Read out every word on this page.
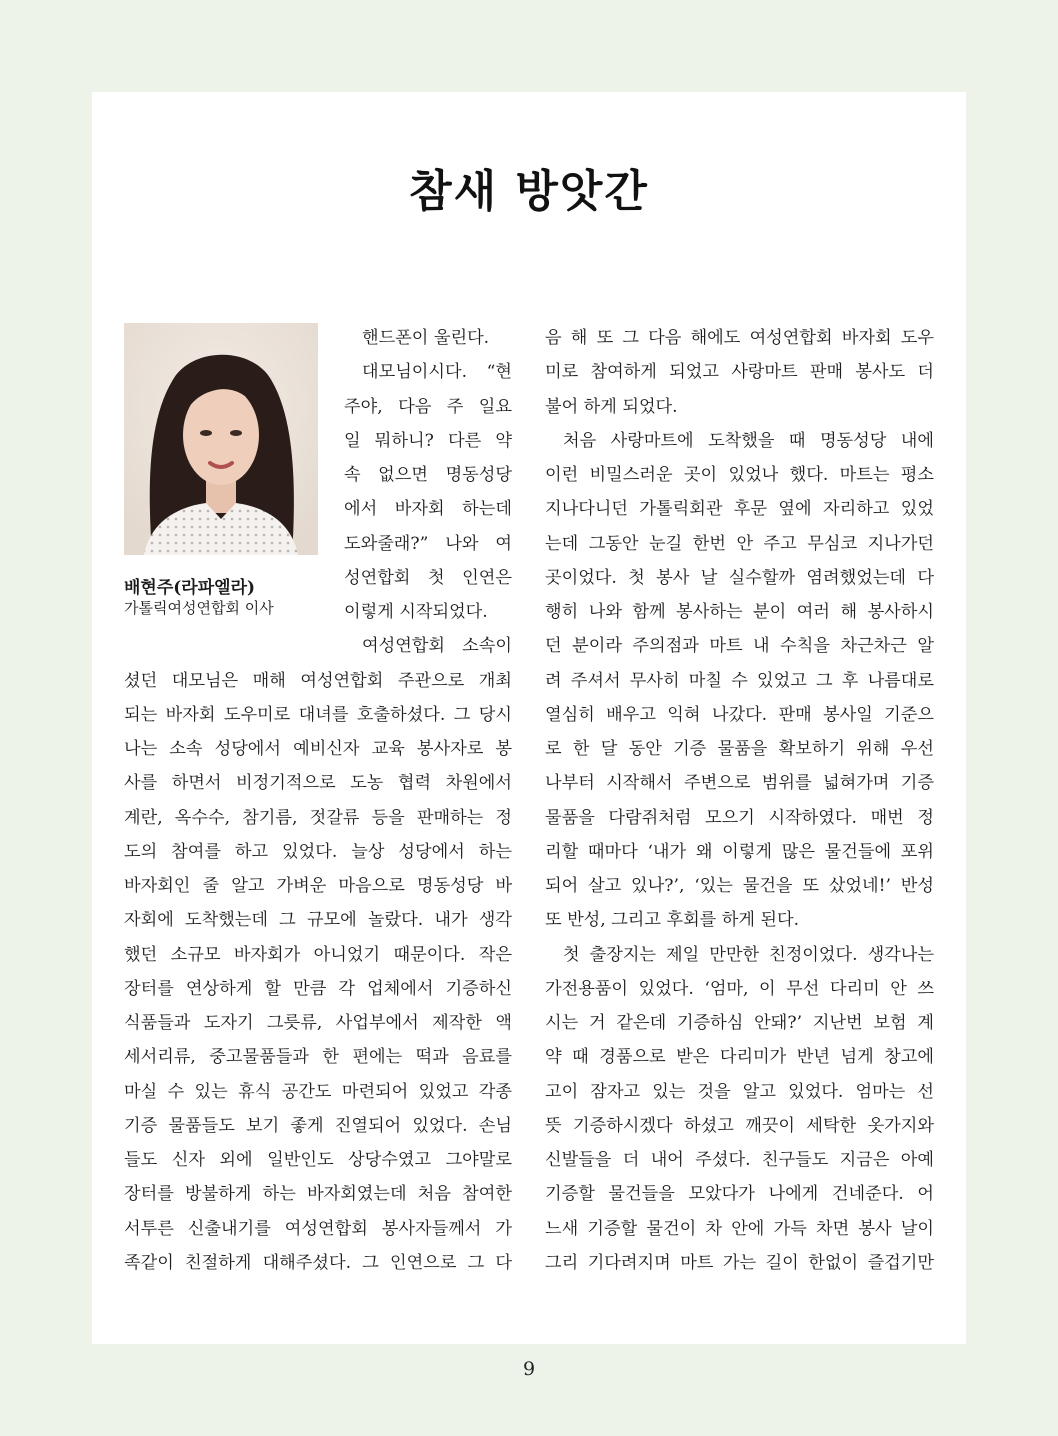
참새 방앗간
배현주(라파엘라)
가톨릭여성연합회 이사
핸드폰이 울린다.
대모님이시다. “현
주야, 다음 주 일요
일 뭐하니? 다른 약
속 없으면 명동성당
에서 바자회 하는데
도와줄래?” 나와 여
성연합회 첫 인연은
이렇게 시작되었다.
여성연합회 소속이
셨던 대모님은 매해 여성연합회 주관으로 개최
되는 바자회 도우미로 대녀를 호출하셨다. 그 당시
나는 소속 성당에서 예비신자 교육 봉사자로 봉
사를 하면서 비정기적으로 도농 협력 차원에서
계란, 옥수수, 참기름, 젓갈류 등을 판매하는 정
도의 참여를 하고 있었다. 늘상 성당에서 하는
바자회인 줄 알고 가벼운 마음으로 명동성당 바
자회에 도착했는데 그 규모에 놀랐다. 내가 생각
했던 소규모 바자회가 아니었기 때문이다. 작은
장터를 연상하게 할 만큼 각 업체에서 기증하신
식품들과 도자기 그릇류, 사업부에서 제작한 액
세서리류, 중고물품들과 한 편에는 떡과 음료를
마실 수 있는 휴식 공간도 마련되어 있었고 각종
기증 물품들도 보기 좋게 진열되어 있었다. 손님
들도 신자 외에 일반인도 상당수였고 그야말로
장터를 방불하게 하는 바자회였는데 처음 참여한
서투른 신출내기를 여성연합회 봉사자들께서 가
족같이 친절하게 대해주셨다. 그 인연으로 그 다
음 해 또 그 다음 해에도 여성연합회 바자회 도우
미로 참여하게 되었고 사랑마트 판매 봉사도 더
불어 하게 되었다.
처음 사랑마트에 도착했을 때 명동성당 내에
이런 비밀스러운 곳이 있었나 했다. 마트는 평소
지나다니던 가톨릭회관 후문 옆에 자리하고 있었
는데 그동안 눈길 한번 안 주고 무심코 지나가던
곳이었다. 첫 봉사 날 실수할까 염려했었는데 다
행히 나와 함께 봉사하는 분이 여러 해 봉사하시
던 분이라 주의점과 마트 내 수칙을 차근차근 알
려 주셔서 무사히 마칠 수 있었고 그 후 나름대로
열심히 배우고 익혀 나갔다. 판매 봉사일 기준으
로 한 달 동안 기증 물품을 확보하기 위해 우선
나부터 시작해서 주변으로 범위를 넓혀가며 기증
물품을 다람쥐처럼 모으기 시작하였다. 매번 정
리할 때마다 ‘내가 왜 이렇게 많은 물건들에 포위
되어 살고 있나?’, ‘있는 물건을 또 샀었네!’ 반성
또 반성, 그리고 후회를 하게 된다.
첫 출장지는 제일 만만한 친정이었다. 생각나는
가전용품이 있었다. ‘엄마, 이 무선 다리미 안 쓰
시는 거 같은데 기증하심 안돼?’ 지난번 보험 계
약 때 경품으로 받은 다리미가 반년 넘게 창고에
고이 잠자고 있는 것을 알고 있었다. 엄마는 선
뜻 기증하시겠다 하셨고 깨끗이 세탁한 옷가지와
신발들을 더 내어 주셨다. 친구들도 지금은 아예
기증할 물건들을 모았다가 나에게 건네준다. 어
느새 기증할 물건이 차 안에 가득 차면 봉사 날이
그리 기다려지며 마트 가는 길이 한없이 즐겁기만
9
